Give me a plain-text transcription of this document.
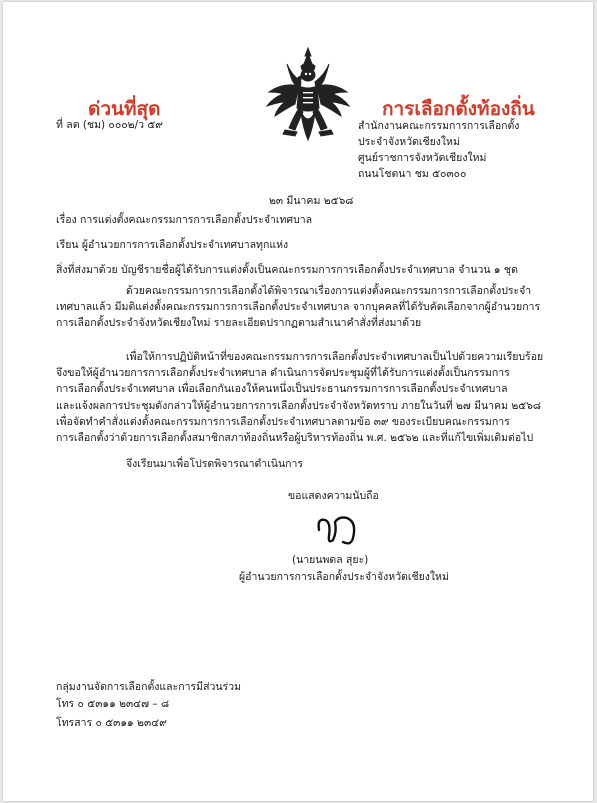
ด่วนที่สุด
ที่ ลต (ชม) ๐๐๐๒/ว ๕๙
การเลือกตั้งท้องถิ่น
สำนักงานคณะกรรมการการเลือกตั้ง
ประจำจังหวัดเชียงใหม่
ศูนย์ราชการจังหวัดเชียงใหม่
ถนนโชตนา ชม ๕๐๓๐๐
๒๓ มีนาคม ๒๕๖๘
เรื่อง การแต่งตั้งคณะกรรมการการเลือกตั้งประจำเทศบาล
เรียน ผู้อำนวยการการเลือกตั้งประจำเทศบาลทุกแห่ง
สิ่งที่ส่งมาด้วย บัญชีรายชื่อผู้ได้รับการแต่งตั้งเป็นคณะกรรมการการเลือกตั้งประจำเทศบาล จำนวน ๑ ชุด
ด้วยคณะกรรมการการเลือกตั้งได้พิจารณาเรื่องการแต่งตั้งคณะกรรมการการเลือกตั้งประจำ
เทศบาลแล้ว มีมติแต่งตั้งคณะกรรมการการเลือกตั้งประจำเทศบาล จากบุคคลที่ได้รับคัดเลือกจากผู้อำนวยการ
การเลือกตั้งประจำจังหวัดเชียงใหม่ รายละเอียดปรากฏตามสำเนาคำสั่งที่ส่งมาด้วย
เพื่อให้การปฏิบัติหน้าที่ของคณะกรรมการการเลือกตั้งประจำเทศบาลเป็นไปด้วยความเรียบร้อย
จึงขอให้ผู้อำนวยการการเลือกตั้งประจำเทศบาล ดำเนินการจัดประชุมผู้ที่ได้รับการแต่งตั้งเป็นกรรมการ
การเลือกตั้งประจำเทศบาล เพื่อเลือกกันเองให้คนหนึ่งเป็นประธานกรรมการการเลือกตั้งประจำเทศบาล
และแจ้งผลการประชุมดังกล่าวให้ผู้อำนวยการการเลือกตั้งประจำจังหวัดทราบ ภายในวันที่ ๒๗ มีนาคม ๒๕๖๘
เพื่อจัดทำคำสั่งแต่งตั้งคณะกรรมการการเลือกตั้งประจำเทศบาลตามข้อ ๓๙ ของระเบียบคณะกรรมการ
การเลือกตั้งว่าด้วยการเลือกตั้งสมาชิกสภาท้องถิ่นหรือผู้บริหารท้องถิ่น พ.ศ. ๒๕๖๒ และที่แก้ไขเพิ่มเติมต่อไป
จึงเรียนมาเพื่อโปรดพิจารณาดำเนินการ
ขอแสดงความนับถือ
(นายนพดล สุยะ)
ผู้อำนวยการการเลือกตั้งประจำจังหวัดเชียงใหม่
กลุ่มงานจัดการเลือกตั้งและการมีส่วนร่วม
โทร ๐ ๕๓๑๑ ๒๓๔๗ – ๘
โทรสาร ๐ ๕๓๑๑ ๒๓๔๙
